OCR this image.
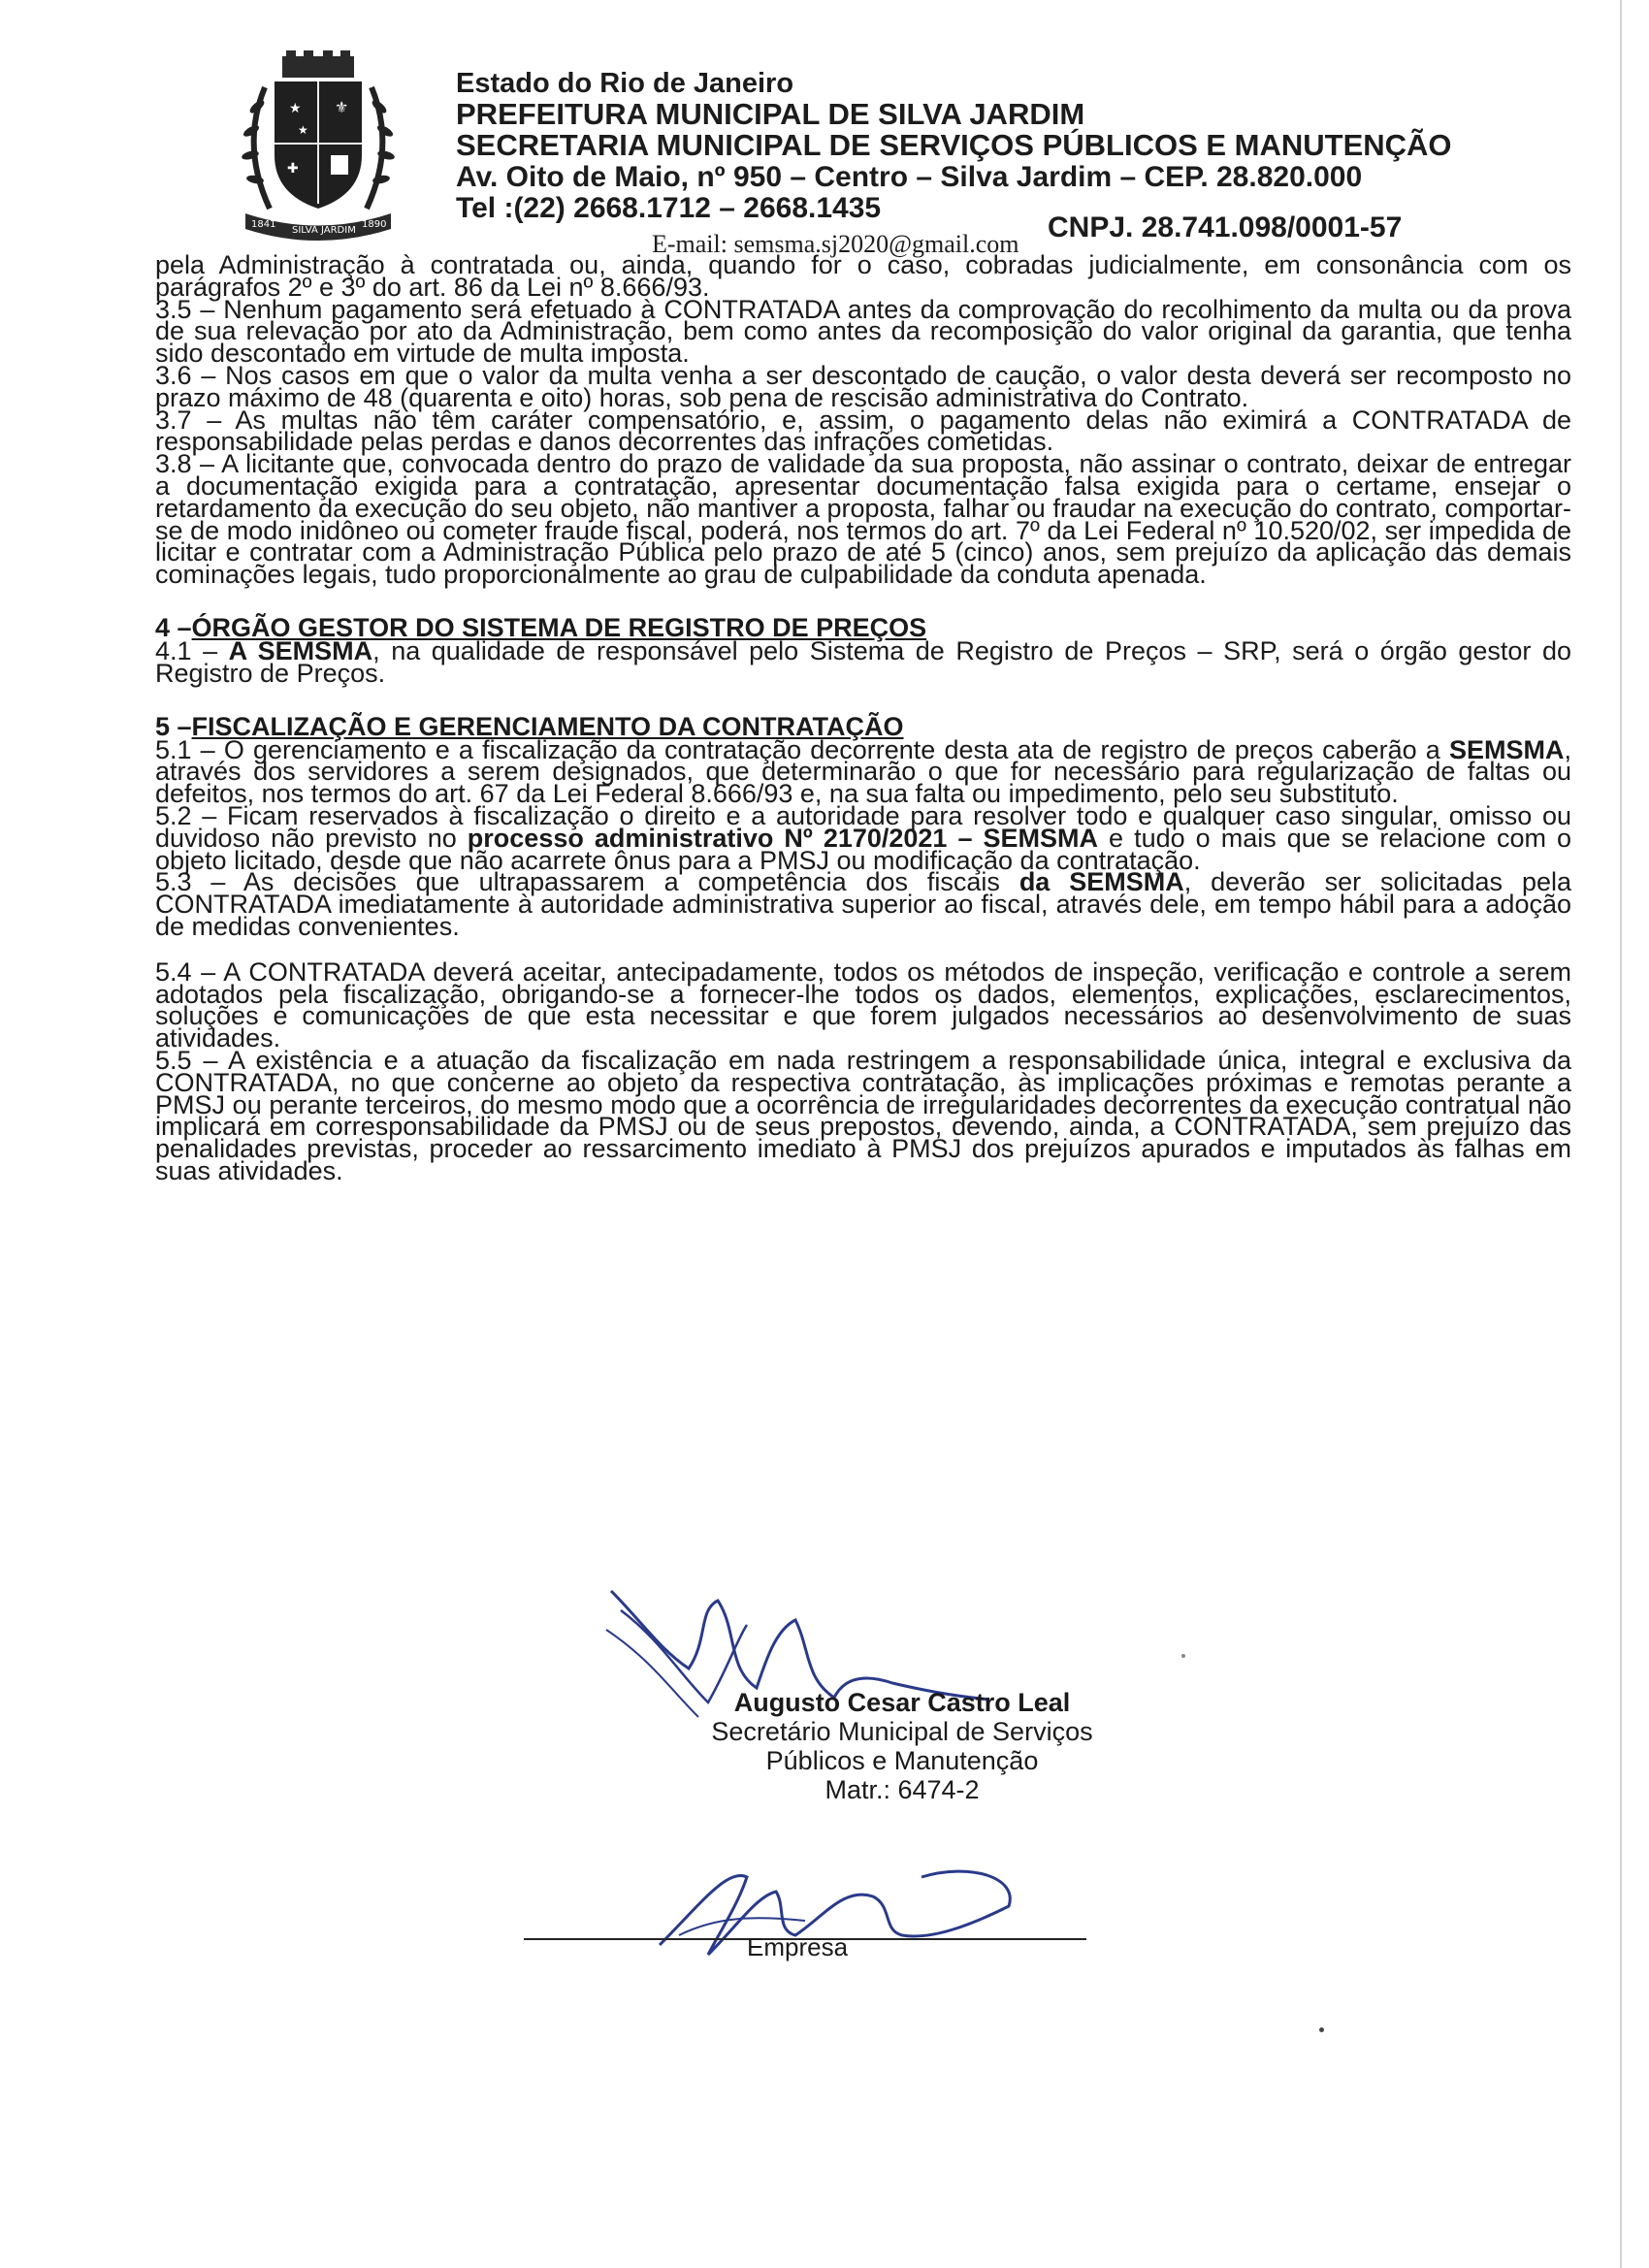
★
★
⚜
✚
1841
SILVA JARDIM
1890
Estado do Rio de Janeiro
PREFEITURA MUNICIPAL DE SILVA JARDIM
SECRETARIA MUNICIPAL DE SERVIÇOS PÚBLICOS E MANUTENÇÃO
Av. Oito de Maio, nº 950 – Centro – Silva Jardim – CEP. 28.820.000
Tel :(22) 2668.1712 – 2668.1435
CNPJ. 28.741.098/0001-57
E-mail: semsma.sj2020@gmail.com

pela Administração à contratada ou, ainda, quando for o caso, cobradas judicialmente, em consonância com os parágrafos 2º e 3º do art. 86 da Lei nº 8.666/93.

3.5 – Nenhum pagamento será efetuado à CONTRATADA antes da comprovação do recolhimento da multa ou da prova de sua relevação por ato da Administração, bem como antes da recomposição do valor original da garantia, que tenha sido descontado em virtude de multa imposta.

3.6 – Nos casos em que o valor da multa venha a ser descontado de caução, o valor desta deverá ser recomposto no prazo máximo de 48 (quarenta e oito) horas, sob pena de rescisão administrativa do Contrato.

3.7 – As multas não têm caráter compensatório, e, assim, o pagamento delas não eximirá a CONTRATADA de responsabilidade pelas perdas e danos decorrentes das infrações cometidas.

3.8 – A licitante que, convocada dentro do prazo de validade da sua proposta, não assinar o contrato, deixar de entregar a documentação exigida para a contratação, apresentar documentação falsa exigida para o certame, ensejar o retardamento da execução do seu objeto, não mantiver a proposta, falhar ou fraudar na execução do contrato, comportar-se de modo inidôneo ou cometer fraude fiscal, poderá, nos termos do art. 7º da Lei Federal nº 10.520/02, ser impedida de licitar e contratar com a Administração Pública pelo prazo de até 5 (cinco) anos, sem prejuízo da aplicação das demais cominações legais, tudo proporcionalmente ao grau de culpabilidade da conduta apenada.

4 –ÓRGÃO GESTOR DO SISTEMA DE REGISTRO DE PREÇOS

4.1 – A SEMSMA, na qualidade de responsável pelo Sistema de Registro de Preços – SRP, será o órgão gestor do Registro de Preços.

5 –FISCALIZAÇÃO E GERENCIAMENTO DA CONTRATAÇÃO

5.1 – O gerenciamento e a fiscalização da contratação decorrente desta ata de registro de preços caberão a SEMSMA, através dos servidores a serem designados, que determinarão o que for necessário para regularização de faltas ou defeitos, nos termos do art. 67 da Lei Federal 8.666/93 e, na sua falta ou impedimento, pelo seu substituto.

5.2 – Ficam reservados à fiscalização o direito e a autoridade para resolver todo e qualquer caso singular, omisso ou duvidoso não previsto no processo administrativo Nº 2170/2021 – SEMSMA e tudo o mais que se relacione com o objeto licitado, desde que não acarrete ônus para a PMSJ ou modificação da contratação.

5.3 – As decisões que ultrapassarem a competência dos fiscais da SEMSMA, deverão ser solicitadas pela CONTRATADA imediatamente à autoridade administrativa superior ao fiscal, através dele, em tempo hábil para a adoção de medidas convenientes.

5.4 – A CONTRATADA deverá aceitar, antecipadamente, todos os métodos de inspeção, verificação e controle a serem adotados pela fiscalização, obrigando-se a fornecer-lhe todos os dados, elementos, explicações, esclarecimentos, soluções e comunicações de que esta necessitar e que forem julgados necessários ao desenvolvimento de suas atividades.

5.5 – A existência e a atuação da fiscalização em nada restringem a responsabilidade única, integral e exclusiva da CONTRATADA, no que concerne ao objeto da respectiva contratação, às implicações próximas e remotas perante a PMSJ ou perante terceiros, do mesmo modo que a ocorrência de irregularidades decorrentes da execução contratual não implicará em corresponsabilidade da PMSJ ou de seus prepostos, devendo, ainda, a CONTRATADA, sem prejuízo das penalidades previstas, proceder ao ressarcimento imediato à PMSJ dos prejuízos apurados e imputados às falhas em suas atividades.

Augusto Cesar Castro Leal
Secretário Municipal de Serviços
Públicos e Manutenção
Matr.: 6474-2
Empresa
